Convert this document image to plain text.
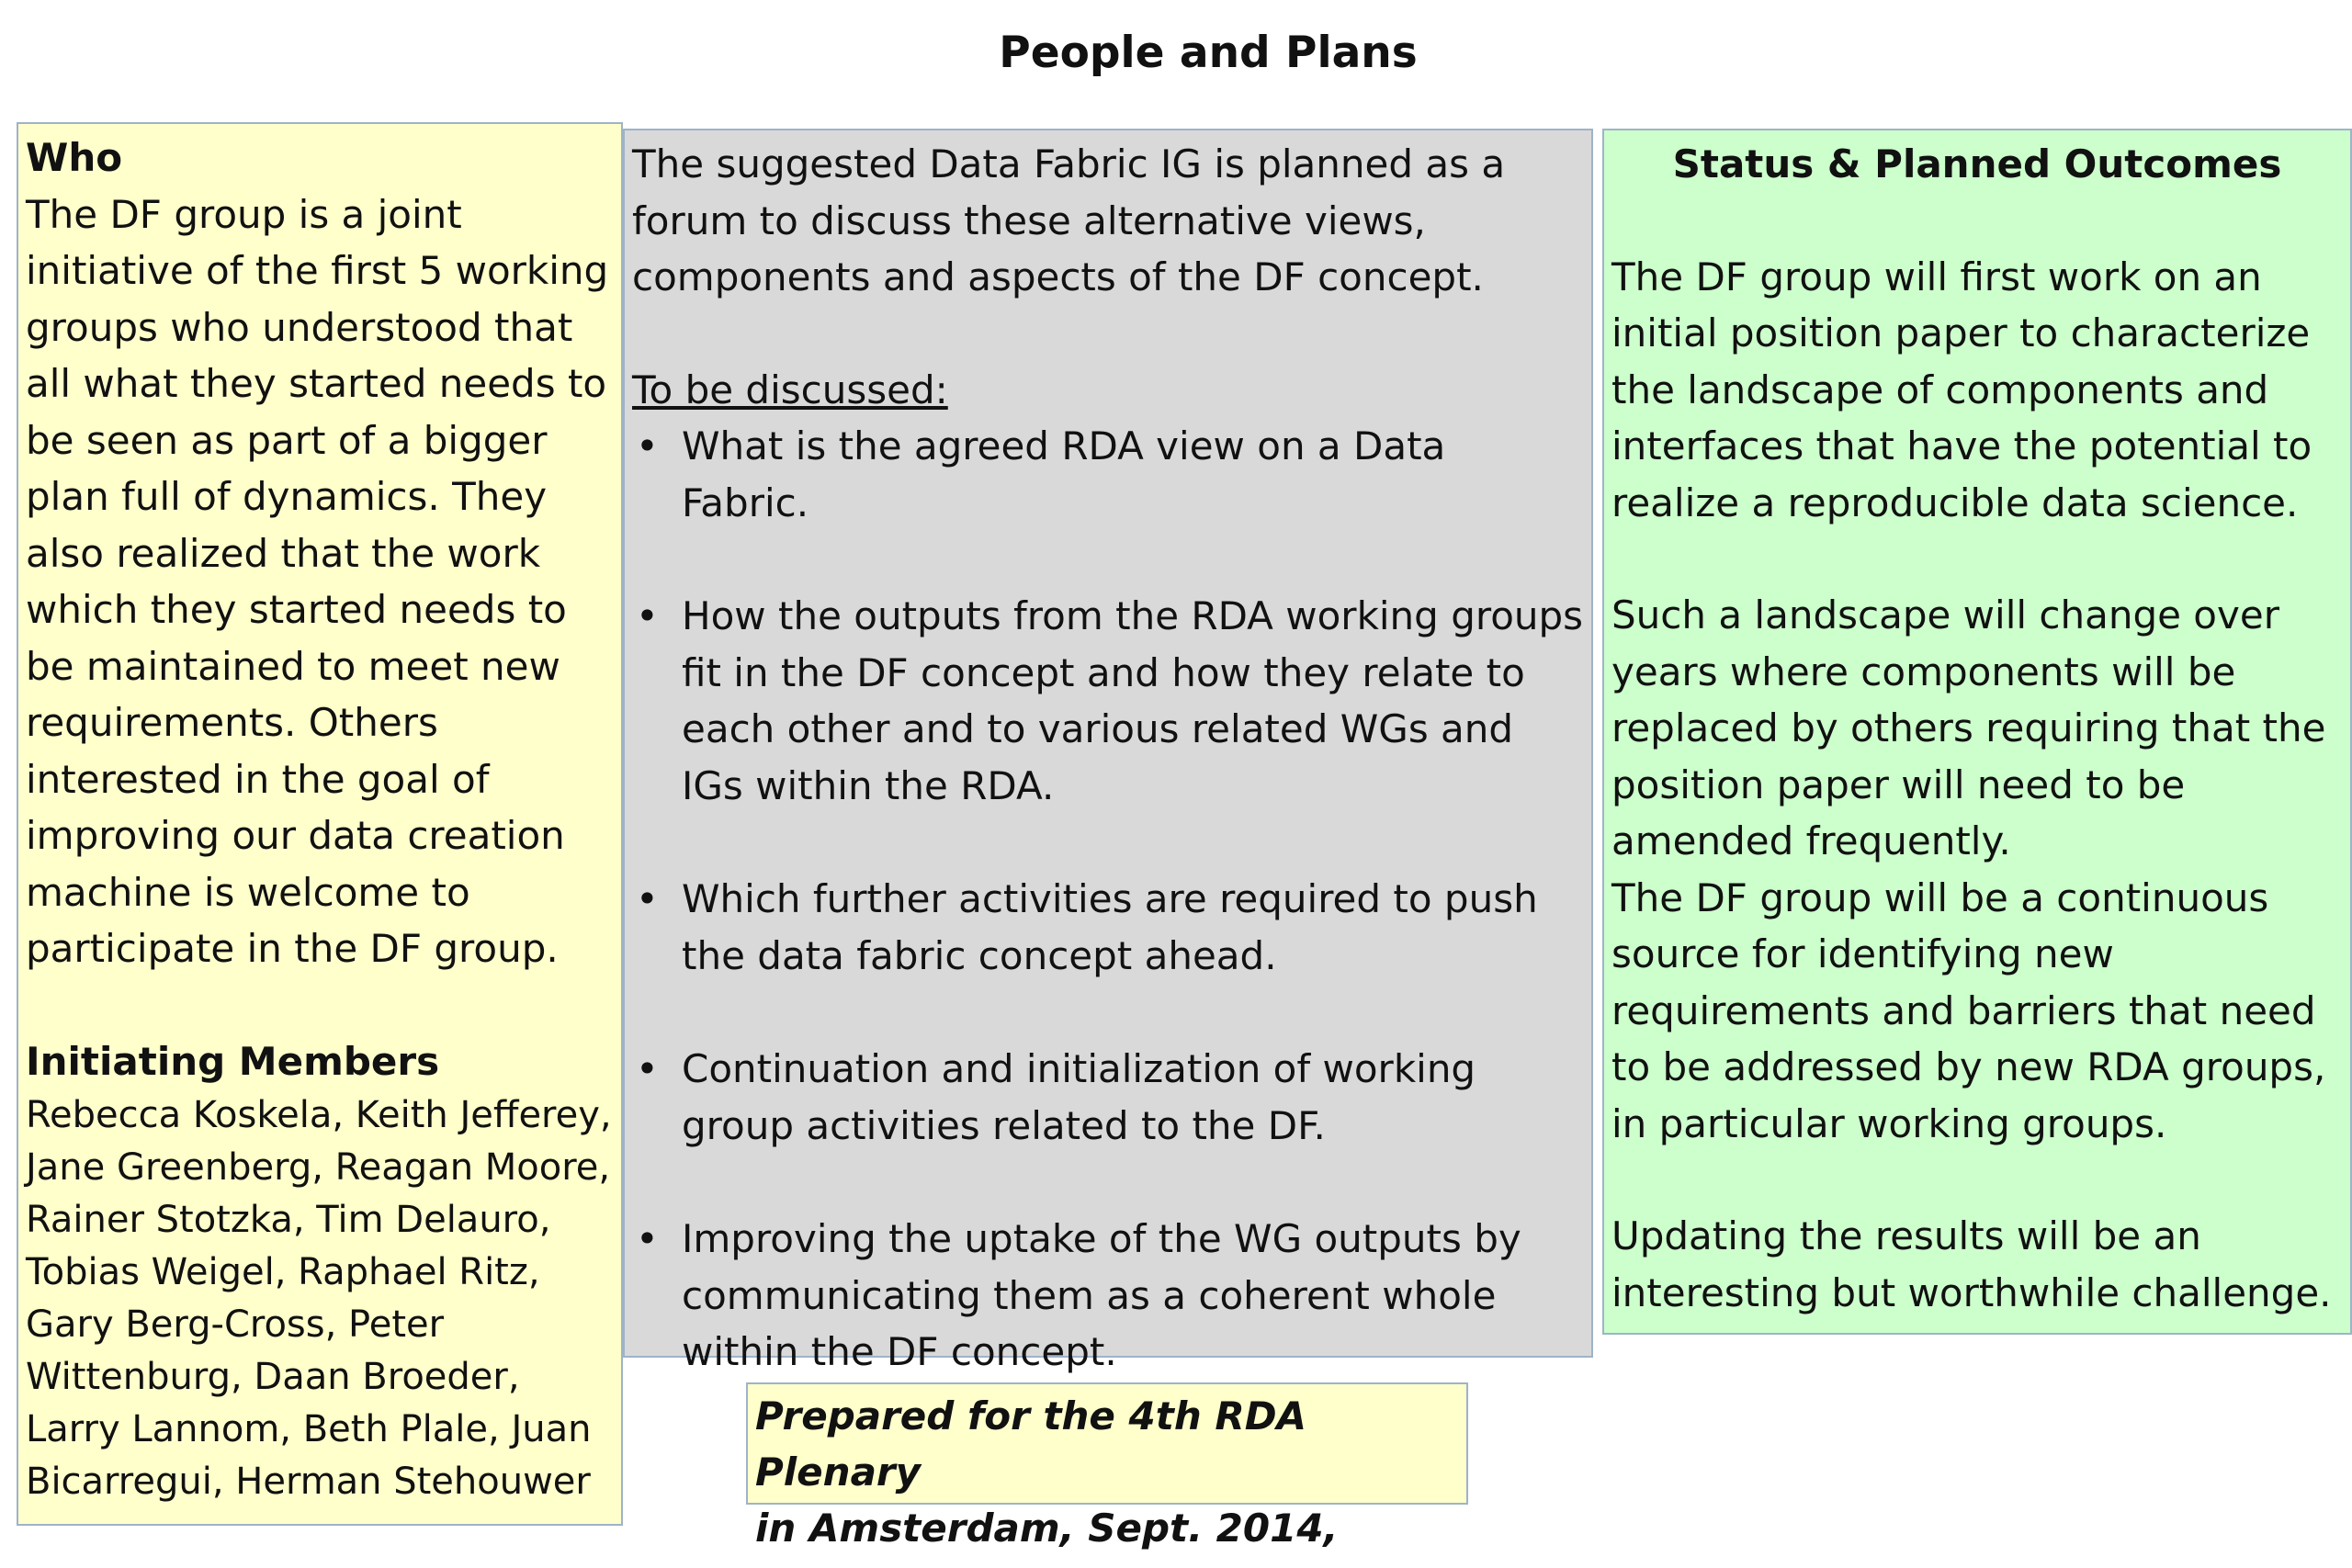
People and Plans

Who

The DF group is a joint initiative of the first 5 working groups who understood that all what they started needs to be seen as part of a bigger plan full of dynamics. They also realized that the work which they started needs to be maintained to meet new requirements. Others interested in the goal of improving our data creation machine is welcome to participate in the DF group.

Initiating Members

Rebecca Koskela, Keith Jefferey, Jane Greenberg, Reagan Moore, Rainer Stotzka, Tim Delauro, Tobias Weigel, Raphael Ritz, Gary Berg-Cross, Peter Wittenburg, Daan Broeder, Larry Lannom, Beth Plale, Juan Bicarregui, Herman Stehouwer

The suggested Data Fabric IG is planned as a forum to discuss these alternative views, components and aspects of the DF concept.

To be discussed:

• What is the agreed RDA view on a Data Fabric.
• How the outputs from the RDA working groups fit in the DF concept and how they relate to each other and to various related WGs and IGs within the RDA.
• Which further activities are required to push the data fabric concept ahead.
• Continuation and initialization of working group activities related to the DF.
• Improving the uptake of the WG outputs by communicating them as a coherent whole within the DF concept.

Status & Planned Outcomes

The DF group will first work on an initial position paper to characterize the landscape of components and interfaces that have the potential to realize a reproducible data science.

Such a landscape will change over years where components will be replaced by others requiring that the position paper will need to be amended frequently.

The DF group will be a continuous source for identifying new requirements and barriers that need to be addressed by new RDA groups, in particular working groups.

Updating the results will be an interesting but worthwhile challenge.

Prepared for the 4th RDA Plenary
in Amsterdam, Sept. 2014,
